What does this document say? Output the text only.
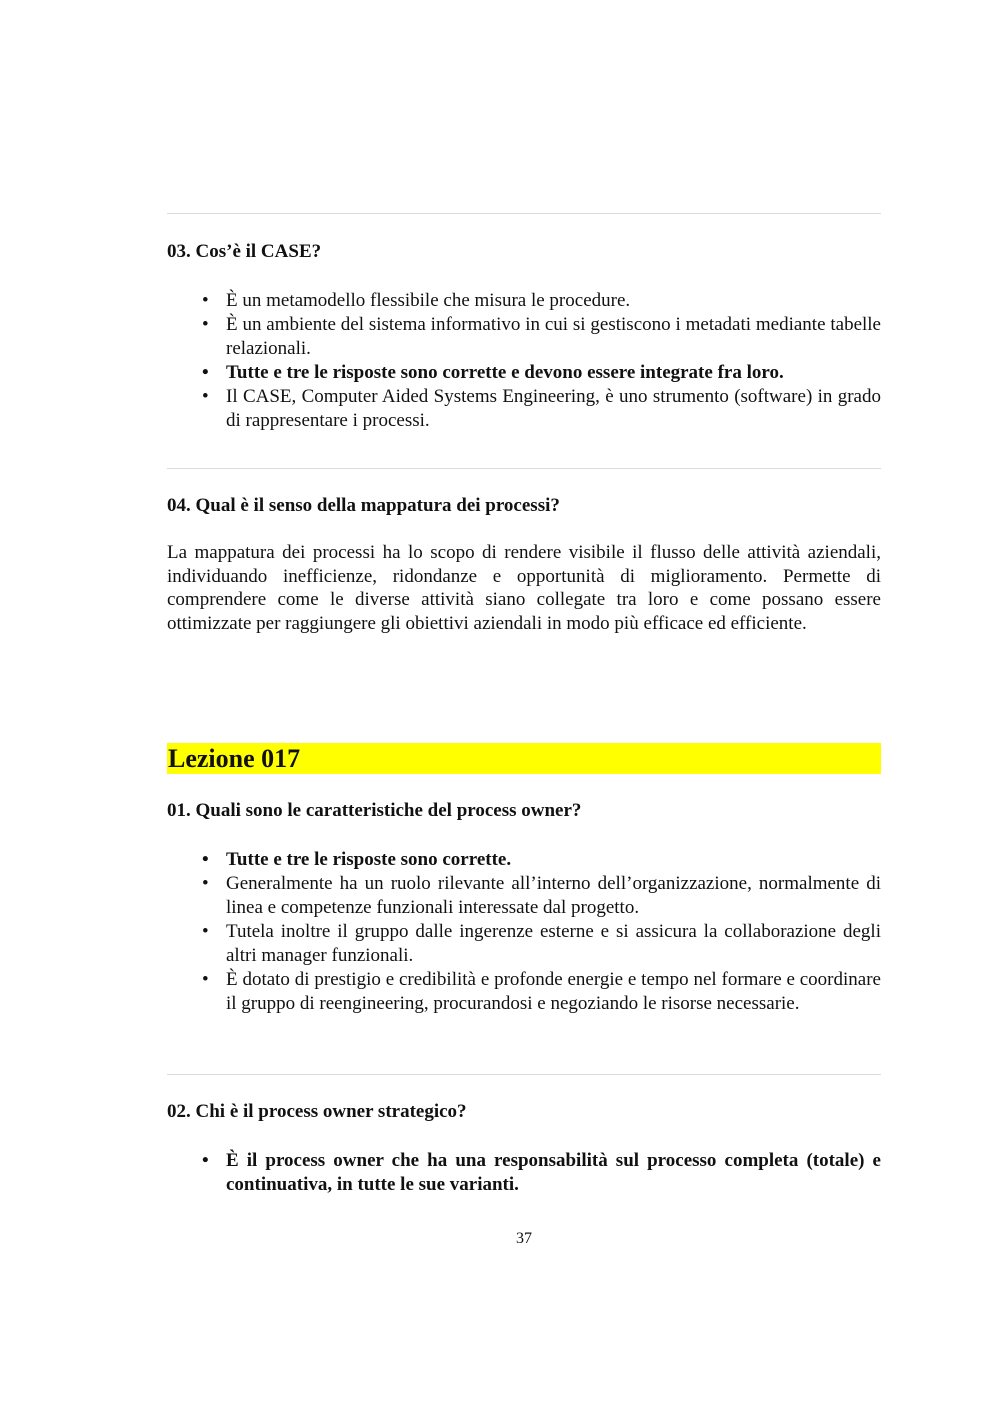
03. Cos’è il CASE?
• È un metamodello flessibile che misura le procedure.
• È un ambiente del sistema informativo in cui si gestiscono i metadati mediante tabelle relazionali.
• Tutte e tre le risposte sono corrette e devono essere integrate fra loro.
• Il CASE, Computer Aided Systems Engineering, è uno strumento (software) in grado di rappresentare i processi.
04. Qual è il senso della mappatura dei processi?

La mappatura dei processi ha lo scopo di rendere visibile il flusso delle attività aziendali, individuando inefficienze, ridondanze e opportunità di miglioramento. Permette di comprendere come le diverse attività siano collegate tra loro e come possano essere ottimizzate per raggiungere gli obiettivi aziendali in modo più efficace ed efficiente.

Lezione 017
01. Quali sono le caratteristiche del process owner?
• Tutte e tre le risposte sono corrette.
• Generalmente ha un ruolo rilevante all’interno dell’organizzazione, normalmente di linea e competenze funzionali interessate dal progetto.
• Tutela inoltre il gruppo dalle ingerenze esterne e si assicura la collaborazione degli altri manager funzionali.
• È dotato di prestigio e credibilità e profonde energie e tempo nel formare e coordinare il gruppo di reengineering, procurandosi e negoziando le risorse necessarie.
02. Chi è il process owner strategico?
• È il process owner che ha una responsabilità sul processo completa (totale) e continuativa, in tutte le sue varianti.
37
